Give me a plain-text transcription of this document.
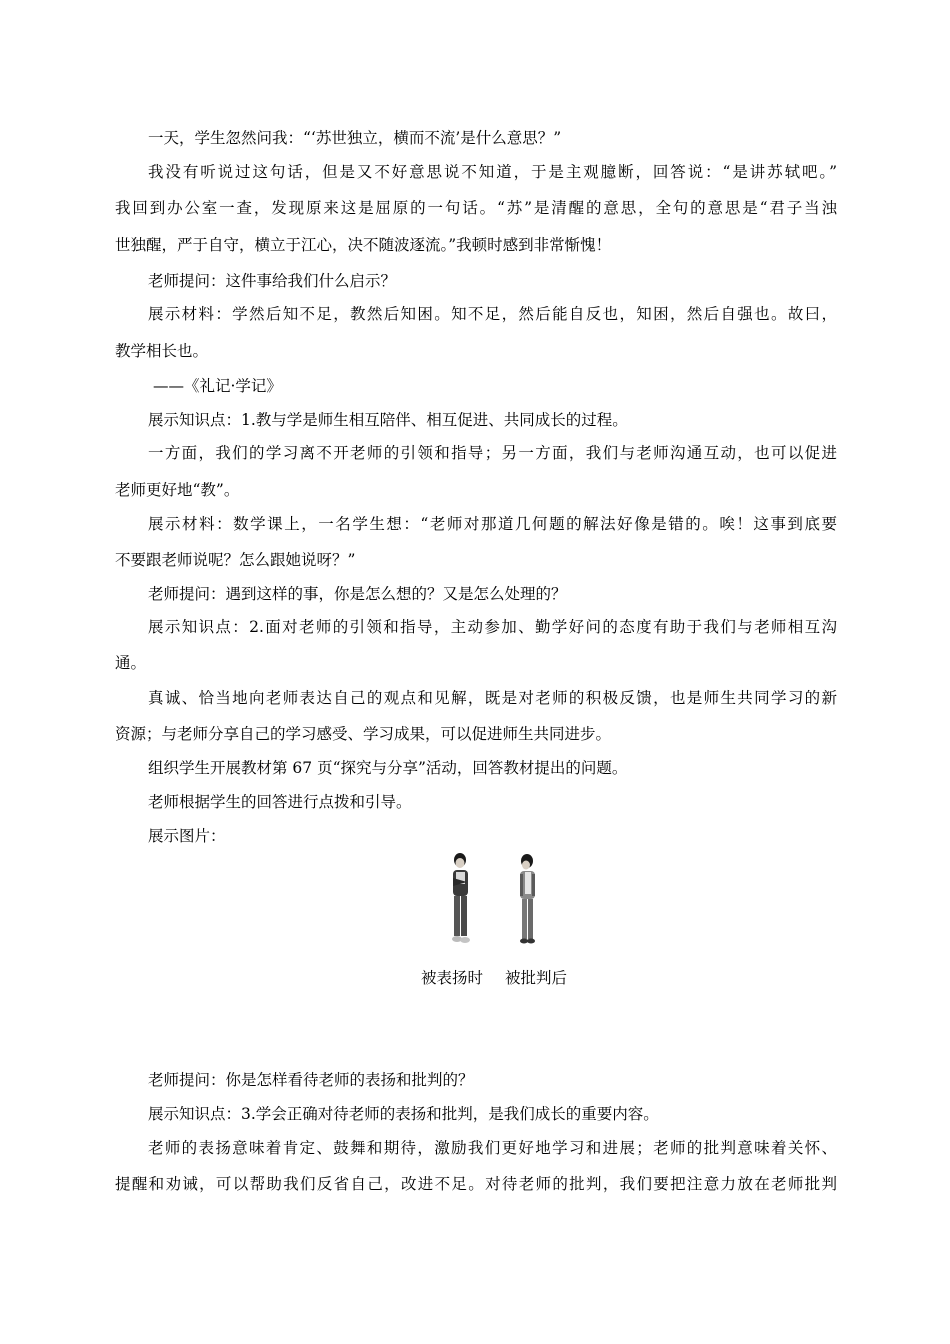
一天，学生忽然问我：“‘苏世独立，横而不流’是什么意思？”
我没有听说过这句话，但是又不好意思说不知道，于是主观臆断，回答说：“是讲苏轼吧。”
我回到办公室一查，发现原来这是屈原的一句话。“苏”是清醒的意思，全句的意思是“君子当浊
世独醒，严于自守，横立于江心，决不随波逐流。”我顿时感到非常惭愧！
老师提问：这件事给我们什么启示？
展示材料：学然后知不足，教然后知困。知不足，然后能自反也，知困，然后自强也。故曰，
教学相长也。
——《礼记·学记》
展示知识点：1.教与学是师生相互陪伴、相互促进、共同成长的过程。
一方面，我们的学习离不开老师的引领和指导；另一方面，我们与老师沟通互动，也可以促进
老师更好地“教”。
展示材料：数学课上，一名学生想：“老师对那道几何题的解法好像是错的。唉！这事到底要
不要跟老师说呢？怎么跟她说呀？”
老师提问：遇到这样的事，你是怎么想的？又是怎么处理的？
展示知识点：2.面对老师的引领和指导，主动参加、勤学好问的态度有助于我们与老师相互沟
通。
真诚、恰当地向老师表达自己的观点和见解，既是对老师的积极反馈，也是师生共同学习的新
资源；与老师分享自己的学习感受、学习成果，可以促进师生共同进步。
组织学生开展教材第 67 页“探究与分享”活动，回答教材提出的问题。
老师根据学生的回答进行点拨和引导。
展示图片：
被表扬时 被批判后
老师提问：你是怎样看待老师的表扬和批判的？
展示知识点：3.学会正确对待老师的表扬和批判，是我们成长的重要内容。
老师的表扬意味着肯定、鼓舞和期待，激励我们更好地学习和进展；老师的批判意味着关怀、
提醒和劝诫，可以帮助我们反省自己，改进不足。对待老师的批判，我们要把注意力放在老师批判
